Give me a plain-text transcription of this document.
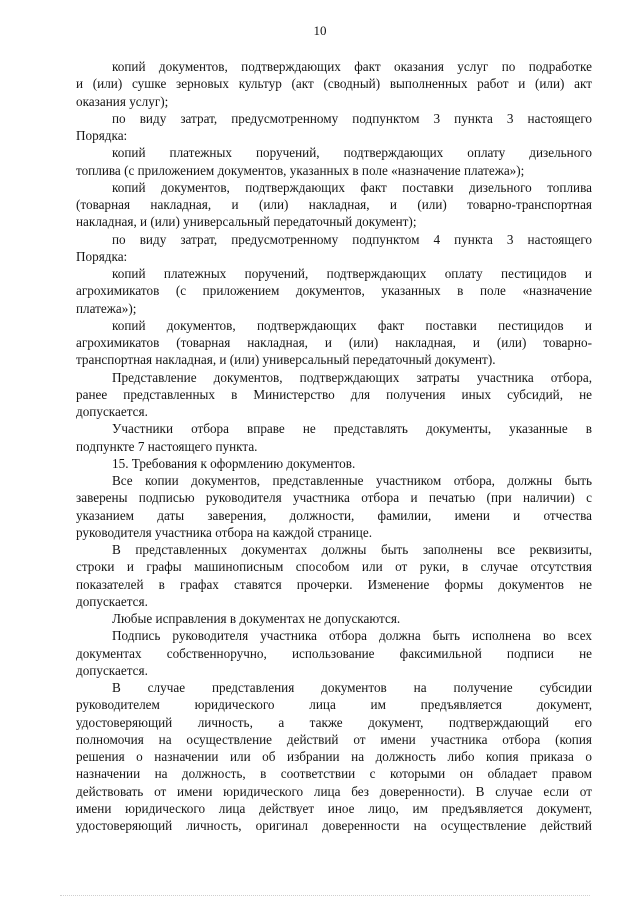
10
копий документов, подтверждающих факт оказания услуг по подработке
и (или) сушке зерновых культур (акт (сводный) выполненных работ и (или) акт
оказания услуг);
по виду затрат, предусмотренному подпунктом 3 пункта 3 настоящего
Порядка:
копий платежных поручений, подтверждающих оплату дизельного
топлива (с приложением документов, указанных в поле «назначение платежа»);
копий документов, подтверждающих факт поставки дизельного топлива
(товарная накладная, и (или) накладная, и (или) товарно-транспортная
накладная, и (или) универсальный передаточный документ);
по виду затрат, предусмотренному подпунктом 4 пункта 3 настоящего
Порядка:
копий платежных поручений, подтверждающих оплату пестицидов и
агрохимикатов (с приложением документов, указанных в поле «назначение
платежа»);
копий документов, подтверждающих факт поставки пестицидов и
агрохимикатов (товарная накладная, и (или) накладная, и (или) товарно-
транспортная накладная, и (или) универсальный передаточный документ).
Представление документов, подтверждающих затраты участника отбора,
ранее представленных в Министерство для получения иных субсидий, не
допускается.
Участники отбора вправе не представлять документы, указанные в
подпункте 7 настоящего пункта.
15. Требования к оформлению документов.
Все копии документов, представленные участником отбора, должны быть
заверены подписью руководителя участника отбора и печатью (при наличии) с
указанием даты заверения, должности, фамилии, имени и отчества
руководителя участника отбора на каждой странице.
В представленных документах должны быть заполнены все реквизиты,
строки и графы машинописным способом или от руки, в случае отсутствия
показателей в графах ставятся прочерки. Изменение формы документов не
допускается.
Любые исправления в документах не допускаются.
Подпись руководителя участника отбора должна быть исполнена во всех
документах собственноручно, использование факсимильной подписи не
допускается.
В случае представления документов на получение субсидии
руководителем юридического лица им предъявляется документ,
удостоверяющий личность, а также документ, подтверждающий его
полномочия на осуществление действий от имени участника отбора (копия
решения о назначении или об избрании на должность либо копия приказа о
назначении на должность, в соответствии с которыми он обладает правом
действовать от имени юридического лица без доверенности). В случае если от
имени юридического лица действует иное лицо, им предъявляется документ,
удостоверяющий личность, оригинал доверенности на осуществление действий
